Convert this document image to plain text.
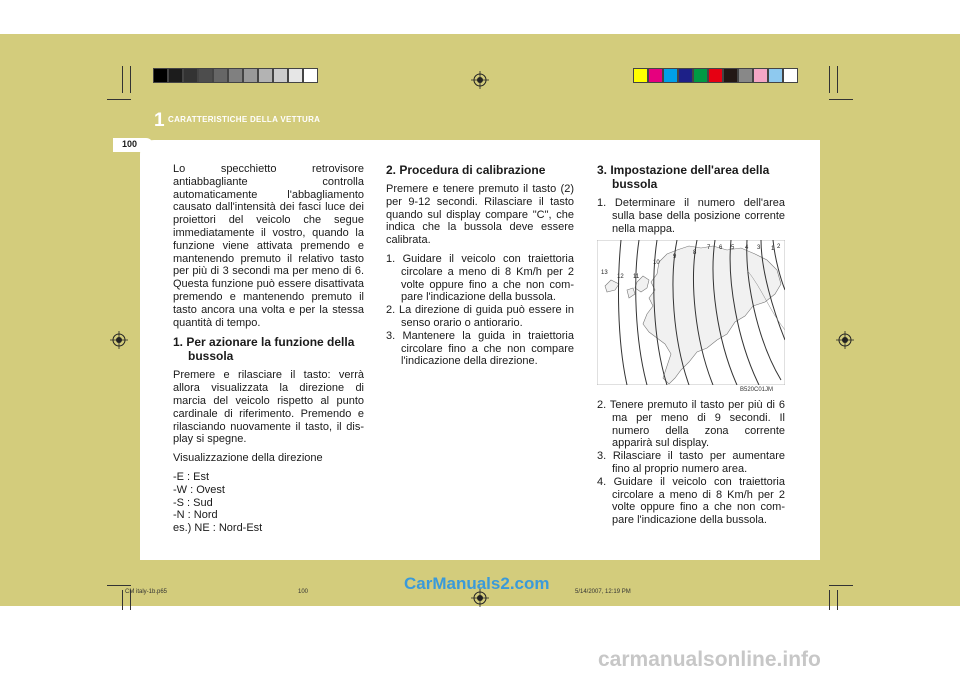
1 CARATTERISTICHE DELLA VETTURA
100

Lo specchietto retrovisore antiabbagliante controlla automaticamente l'abbagliamento causato dall'intensità dei fasci luce dei proiettori del veicolo che segue immediatamente il vostro, quando la funzione viene attivata premendo e mantenendo premuto il relativo tasto per più di 3 secondi ma per meno di 6. Questa funzione può essere disattivata premendo e mantenendo premuto il tasto ancora una volta e per la stessa quantità di tempo.

1. Per azionare la funzione della bussola

Premere e rilasciare il tasto: verrà allora visualizzata la direzione di marcia del veicolo rispetto al punto cardinale di riferimento. Premendo e rilasciando nuovamente il tasto, il dis-play si spegne.

Visualizzazione della direzione

-E : Est
-W : Ovest
-S : Sud
-N : Nord
es.) NE : Nord-Est
2. Procedura di calibrazione

Premere e tenere premuto il tasto (2) per 9-12 secondi. Rilasciare il tasto quando sul display compare "C", che indica che la bussola deve essere calibrata.

1. Guidare il veicolo con traiettoria circolare a meno di 8 Km/h per 2 volte oppure fino a che non com-pare l'indicazione della bussola.
2. La direzione di guida può essere in senso orario o antiorario.
3. Mantenere la guida in traiettoria circolare fino a che non compare l'indicazione della direzione.
3. Impostazione dell'area della bussola
1. Determinare il numero dell'area sulla base della posizione corrente nella mappa.
2
1
3
4
5
6
7
8
9
10
11
12
13
B520C01JM
2. Tenere premuto il tasto per più di 6 ma per meno di 9 secondi. Il numero della zona corrente apparirà sul display.
3. Rilasciare il tasto per aumentare fino al proprio numero area.
4. Guidare il veicolo con traiettoria circolare a meno di 8 Km/h per 2 volte oppure fino a che non com-pare l'indicazione della bussola.
CM italy-1b.p65	100	5/14/2007, 12:19 PM
CarManuals2.com
carmanualsonline.info
